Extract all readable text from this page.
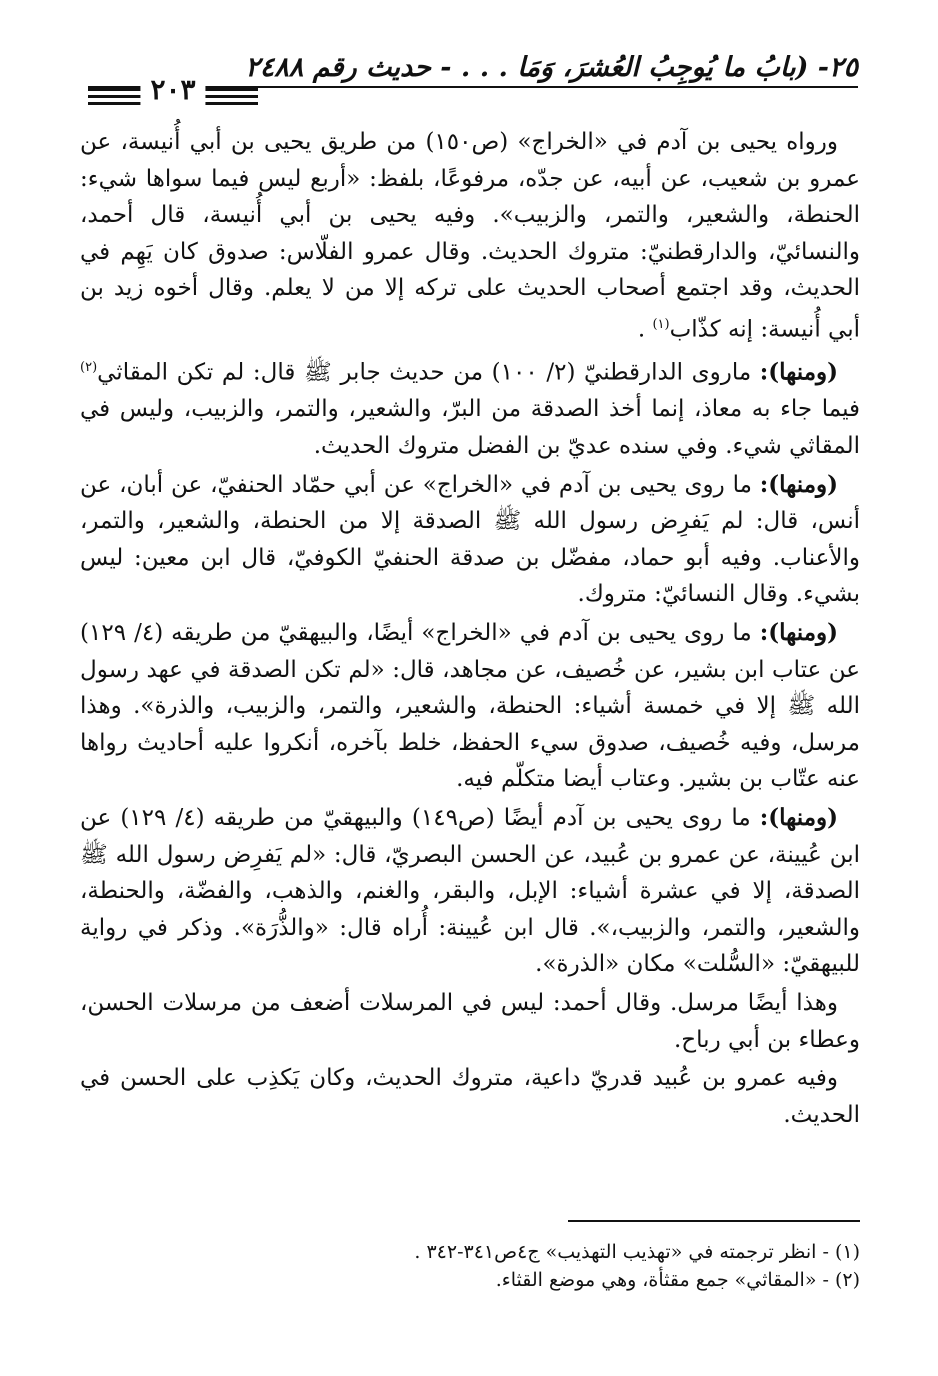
٢٥- (بابُ ما يُوجِبُ العُشرَ، وَمَا . . . - حديث رقم ٢٤٨٨
٢٠٣

ورواه يحيى بن آدم في «الخراج» (ص١٥٠) من طريق يحيى بن أبي أُنيسة، عن عمرو بن شعيب، عن أبيه، عن جدّه، مرفوعًا، بلفظ: «أربع ليس فيما سواها شيء: الحنطة، والشعير، والتمر، والزبيب». وفيه يحيى بن أبي أُنيسة، قال أحمد، والنسائيّ، والدارقطنيّ: متروك الحديث. وقال عمرو الفلّاس: صدوق كان يَهِم في الحديث، وقد اجتمع أصحاب الحديث على تركه إلا من لا يعلم. وقال أخوه زيد بن أبي أُنيسة: إنه كذّاب$^{(١)}$ .

(ومنها): ماروى الدارقطنيّ (٢/ ١٠٠) من حديث جابر ﷺ قال: لم تكن المقاثي$^{(٢)}$ فيما جاء به معاذ، إنما أخذ الصدقة من البرّ، والشعير، والتمر، والزبيب، وليس في المقاثي شيء. وفي سنده عديّ بن الفضل متروك الحديث.

(ومنها): ما روى يحيى بن آدم في «الخراج» عن أبي حمّاد الحنفيّ، عن أبان، عن أنس، قال: لم يَفرِض رسول الله ﷺ الصدقة إلا من الحنطة، والشعير، والتمر، والأعناب. وفيه أبو حماد، مفضّل بن صدقة الحنفيّ الكوفيّ، قال ابن معين: ليس بشيء. وقال النسائيّ: متروك.

(ومنها): ما روى يحيى بن آدم في «الخراج» أيضًا، والبيهقيّ من طريقه (٤/ ١٢٩) عن عتاب ابن بشير، عن خُصيف، عن مجاهد، قال: «لم تكن الصدقة في عهد رسول الله ﷺ إلا في خمسة أشياء: الحنطة، والشعير، والتمر، والزبيب، والذرة». وهذا مرسل، وفيه خُصيف، صدوق سيء الحفظ، خلط بآخره، أنكروا عليه أحاديث رواها عنه عتّاب بن بشير. وعتاب أيضا متكلّم فيه.

(ومنها): ما روى يحيى بن آدم أيضًا (ص١٤٩) والبيهقيّ من طريقه (٤/ ١٢٩) عن ابن عُيينة، عن عمرو بن عُبيد، عن الحسن البصريّ، قال: «لم يَفرِض رسول الله ﷺ الصدقة، إلا في عشرة أشياء: الإبل، والبقر، والغنم، والذهب، والفضّة، والحنطة، والشعير، والتمر، والزبيب،». قال ابن عُيينة: أُراه قال: «والذُّرَة». وذكر في رواية للبيهقيّ: «السُّلت» مكان «الذرة».

وهذا أيضًا مرسل. وقال أحمد: ليس في المرسلات أضعف من مرسلات الحسن، وعطاء بن أبي رباح.

وفيه عمرو بن عُبيد قدريّ داعية، متروك الحديث، وكان يَكذِب على الحسن في الحديث.

(١) - انظر ترجمته في «تهذيب التهذيب» ج٤ص٣٤١-٣٤٢ .

(٢) - «المقاثي» جمع مقثأة، وهي موضع القثاء.
